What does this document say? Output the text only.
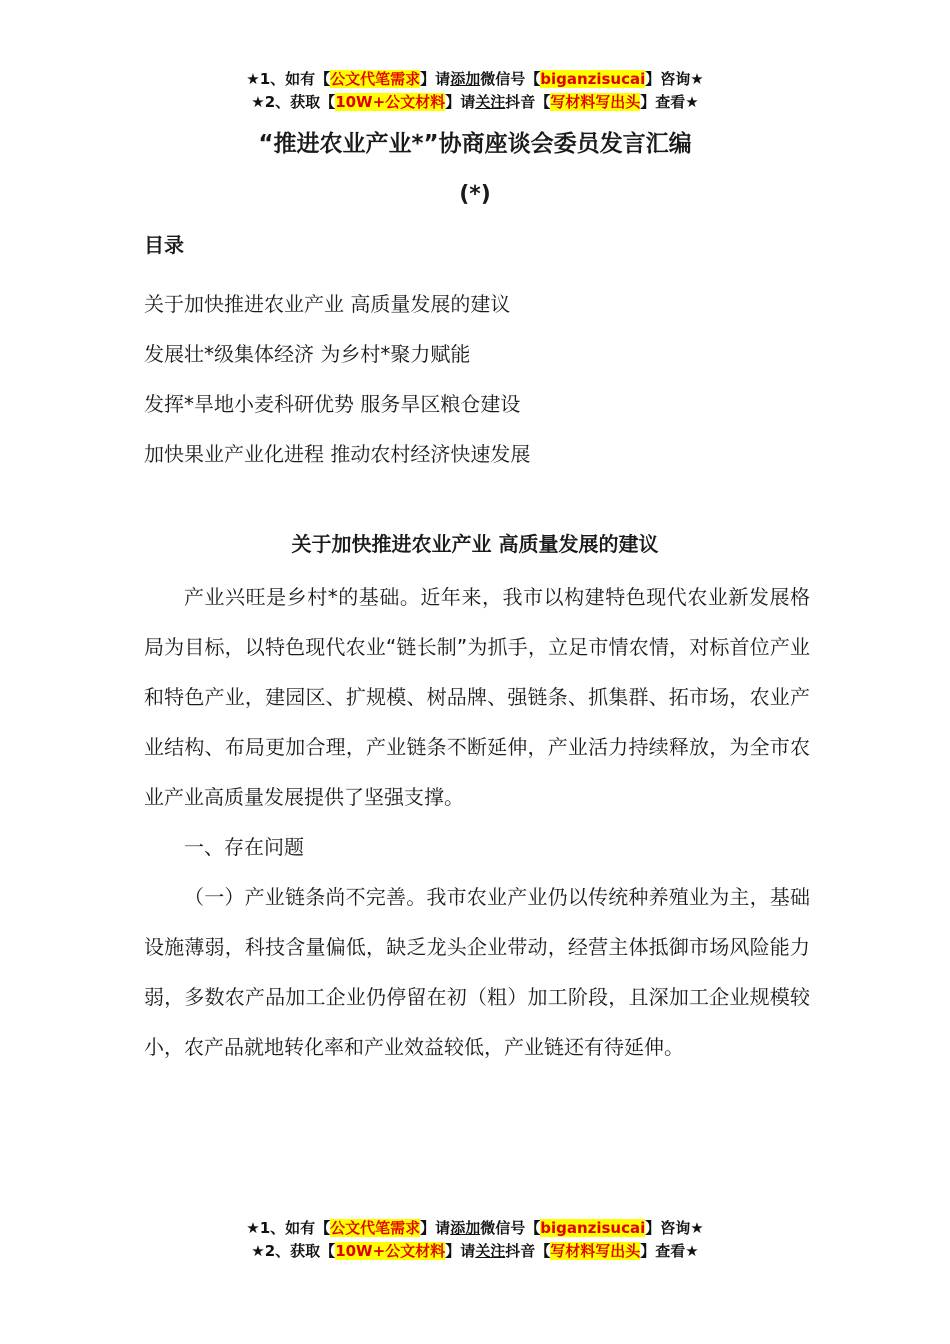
★1、如有【公文代笔需求】请添加微信号【biganzisucai】咨询★
★2、获取【10W+公文材料】请关注抖音【写材料写出头】查看★
“推进农业产业*”协商座谈会委员发言汇编
(*)
目录
关于加快推进农业产业 高质量发展的建议
发展壮*级集体经济 为乡村*聚力赋能
发挥*旱地小麦科研优势 服务旱区粮仓建设
加快果业产业化进程 推动农村经济快速发展
关于加快推进农业产业 高质量发展的建议

产业兴旺是乡村*的基础。近年来，我市以构建特色现代农业新发展格局为目标，以特色现代农业“链长制”为抓手，立足市情农情，对标首位产业和特色产业，建园区、扩规模、树品牌、强链条、抓集群、拓市场，农业产业结构、布局更加合理，产业链条不断延伸，产业活力持续释放，为全市农业产业高质量发展提供了坚强支撑。

一、存在问题

（一）产业链条尚不完善。我市农业产业仍以传统种养殖业为主，基础设施薄弱，科技含量偏低，缺乏龙头企业带动，经营主体抵御市场风险能力弱，多数农产品加工企业仍停留在初（粗）加工阶段，且深加工企业规模较小，农产品就地转化率和产业效益较低，产业链还有待延伸。

★1、如有【公文代笔需求】请添加微信号【biganzisucai】咨询★
★2、获取【10W+公文材料】请关注抖音【写材料写出头】查看★
